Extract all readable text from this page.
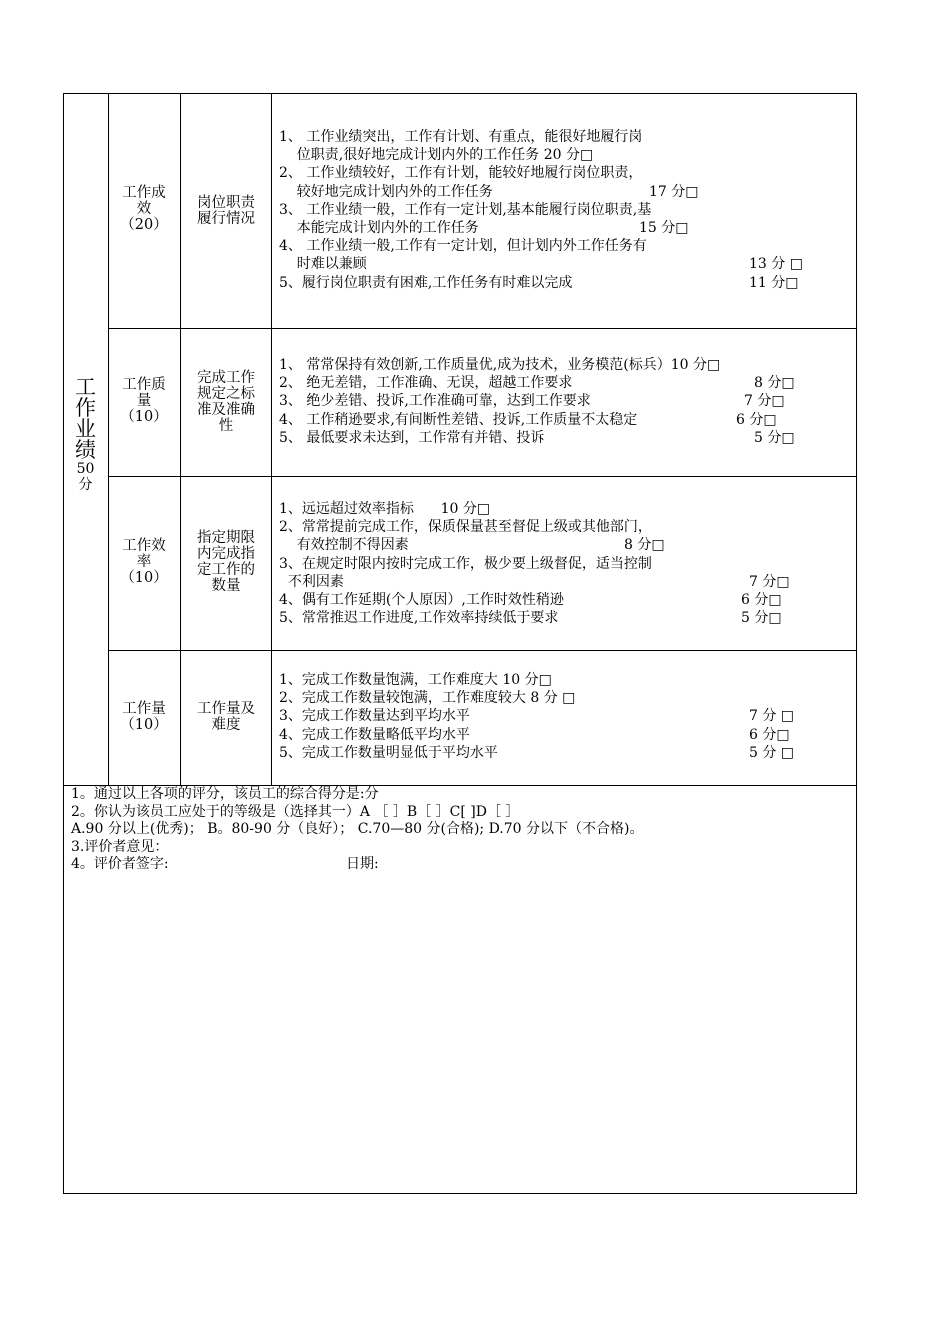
工
作
业
绩
50
分
工作成
效
（20）
岗位职责
履行情况
1、 工作业绩突出，工作有计划、有重点，能很好地履行岗
位职责,很好地完成计划内外的工作任务 20 分□
2、 工作业绩较好，工作有计划，能较好地履行岗位职责，
较好地完成计划内外的工作任务	17 分□
3、 工作业绩一般，工作有一定计划,基本能履行岗位职责,基
本能完成计划内外的工作任务	15 分□
4、 工作业绩一般,工作有一定计划，但计划内外工作任务有
时难以兼顾	13 分 □
5、履行岗位职责有困难,工作任务有时难以完成	11 分□
工作质
量
（10）
完成工作
规定之标
准及准确
性
1、 常常保持有效创新,工作质量优,成为技术，业务模范(标兵）10 分□
2、 绝无差错，工作准确、无误，超越工作要求	8 分□
3、 绝少差错、投诉,工作准确可靠，达到工作要求	7 分□
4、 工作稍逊要求,有间断性差错、投诉,工作质量不太稳定	6 分□
5、 最低要求未达到，工作常有并错、投诉	5 分□
工作效
率
（10）
指定期限
内完成指
定工作的
数量
1、远远超过效率指标      10 分□
2、常常提前完成工作，保质保量甚至督促上级或其他部门，
有效控制不得因素	8 分□
3、在规定时限内按时完成工作，极少要上级督促，适当控制
不利因素	7 分□
4、偶有工作延期(个人原因）,工作时效性稍逊	6 分□
5、常常推迟工作进度,工作效率持续低于要求	5 分□
工作量
（10）
工作量及
难度
1、完成工作数量饱满，工作难度大 10 分□
2、完成工作数量较饱满，工作难度较大 8 分 □
3、完成工作数量达到平均水平	7 分 □
4、完成工作数量略低平均水平	6 分□
5、完成工作数量明显低于平均水平	5 分 □
1。通过以上各项的评分，该员工的综合得分是:分
2。你认为该员工应处于的等级是（选择其一）A ［ ］B［ ］C[ ]D［ ］
A.90 分以上(优秀)； B。80-90 分（良好）； C.70—80 分(合格); D.70 分以下（不合格)。
3.评价者意见：
4。评价者签字:	日期:
